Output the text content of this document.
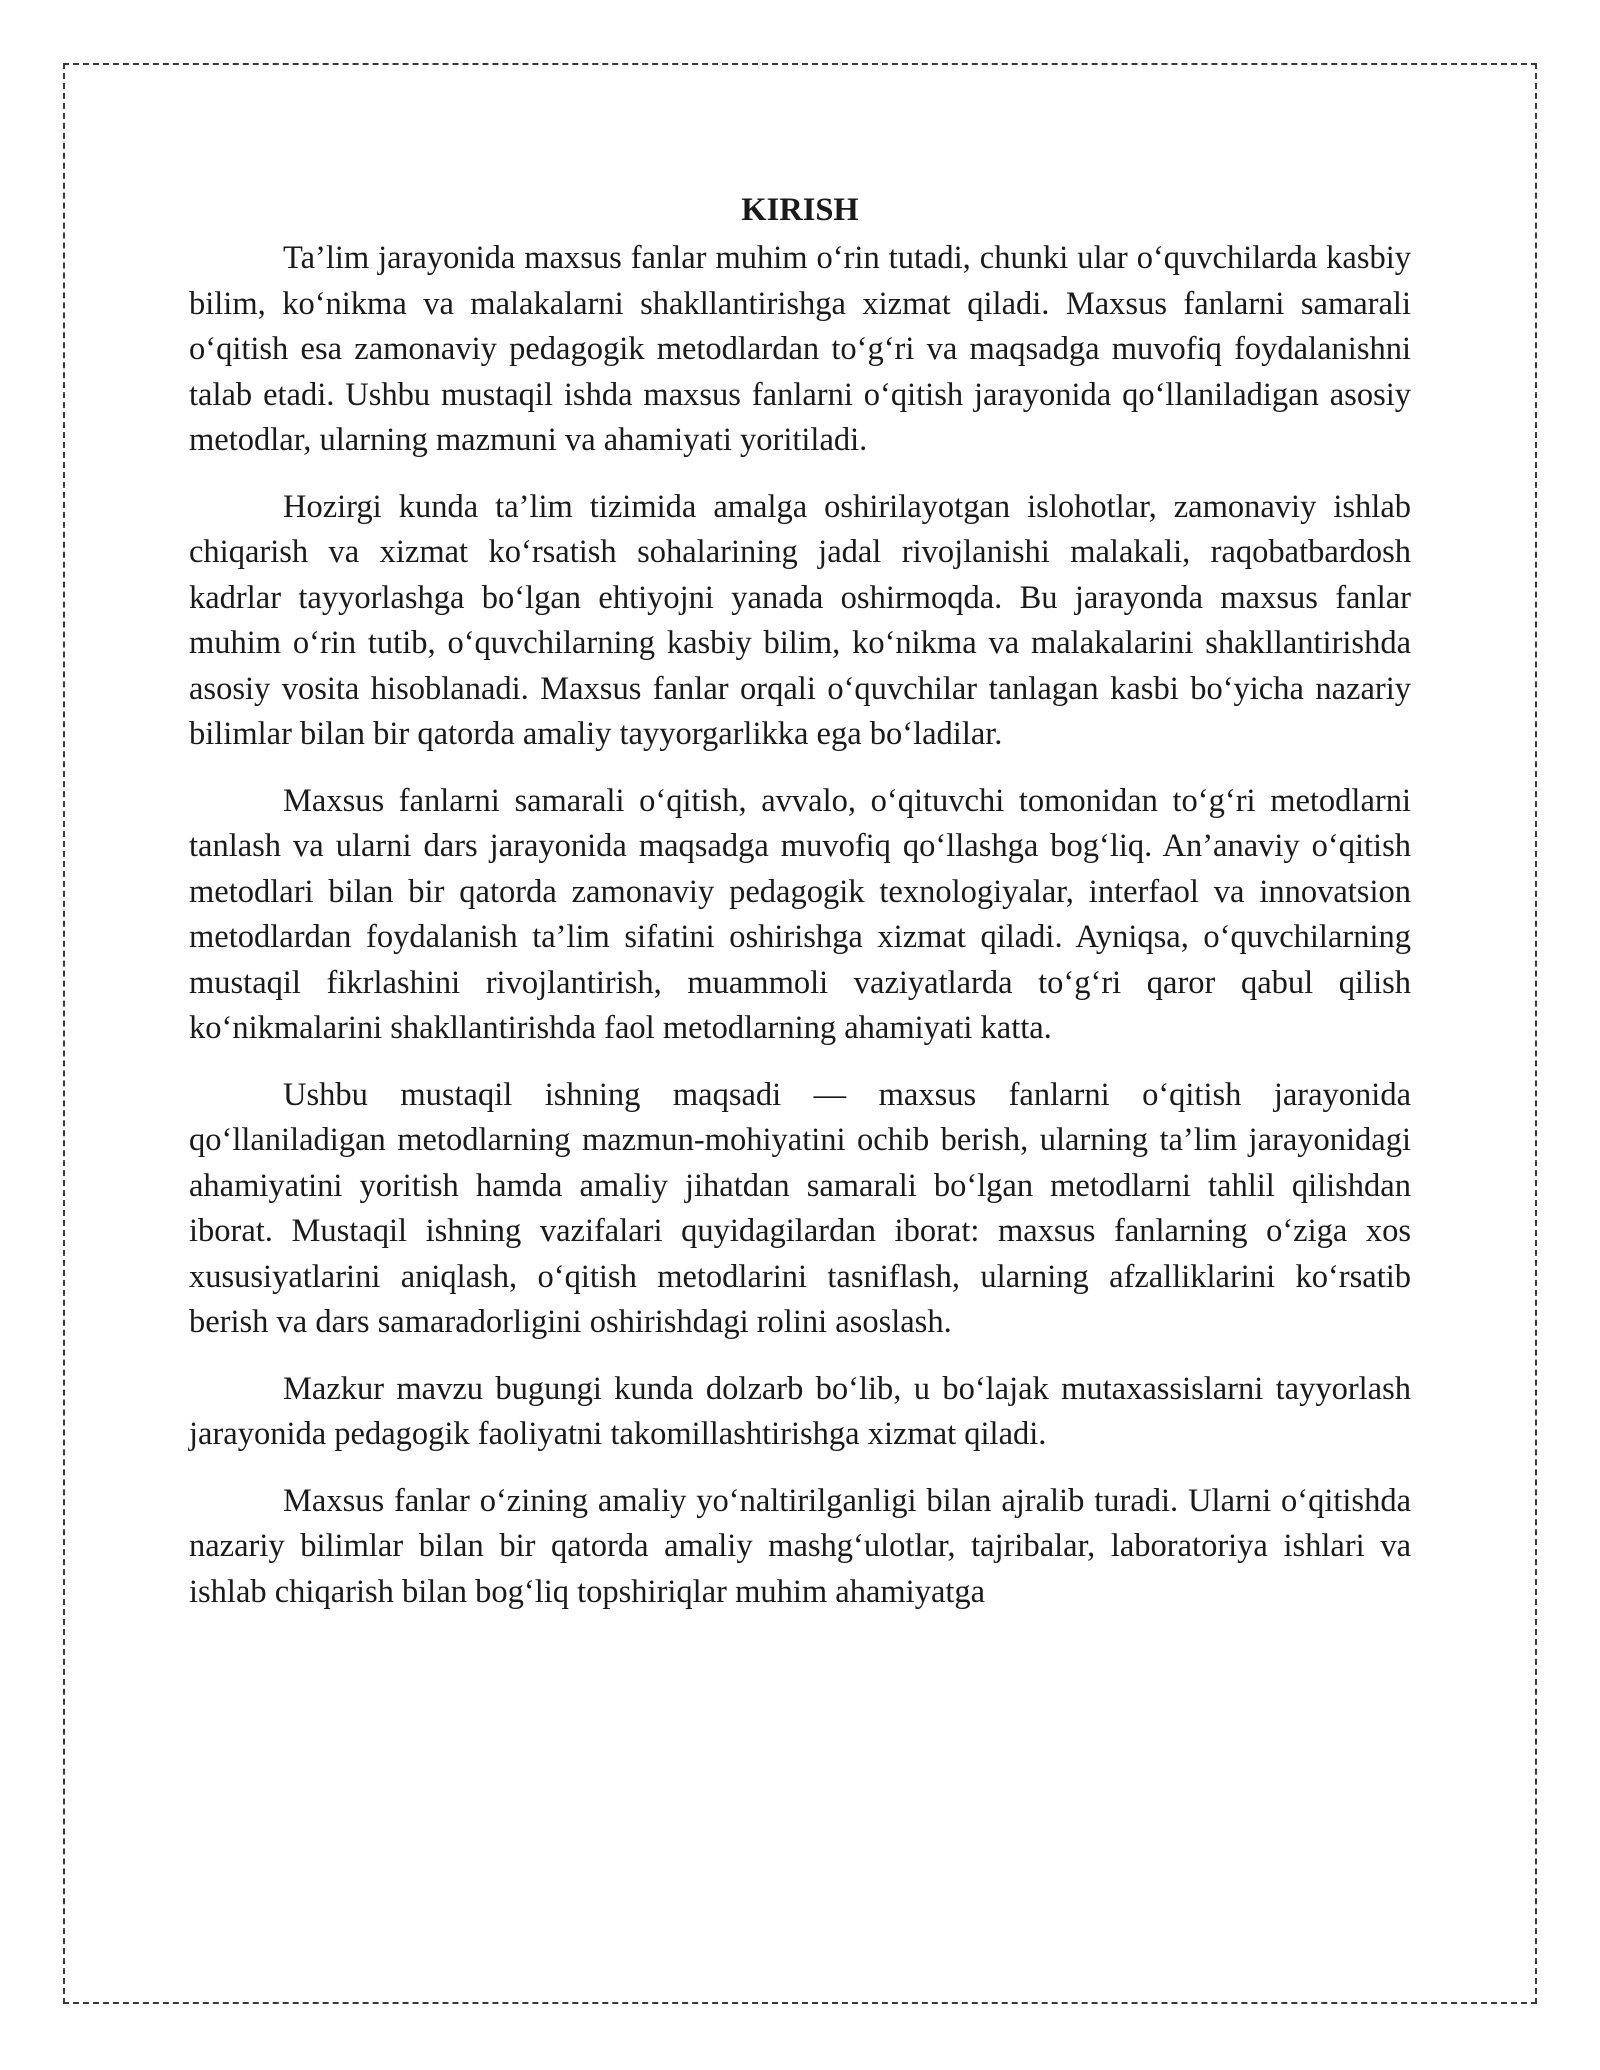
KIRISH

Ta’lim jarayonida maxsus fanlar muhim oʻrin tutadi, chunki ular oʻquvchilarda kasbiy bilim, koʻnikma va malakalarni shakllantirishga xizmat qiladi. Maxsus fanlarni samarali oʻqitish esa zamonaviy pedagogik metodlardan toʻgʻri va maqsadga muvofiq foydalanishni talab etadi. Ushbu mustaqil ishda maxsus fanlarni oʻqitish jarayonida qoʻllaniladigan asosiy metodlar, ularning mazmuni va ahamiyati yoritiladi.

Hozirgi kunda ta’lim tizimida amalga oshirilayotgan islohotlar, zamonaviy ishlab chiqarish va xizmat koʻrsatish sohalarining jadal rivojlanishi malakali, raqobatbardosh kadrlar tayyorlashga boʻlgan ehtiyojni yanada oshirmoqda. Bu jarayonda maxsus fanlar muhim oʻrin tutib, oʻquvchilarning kasbiy bilim, koʻnikma va malakalarini shakllantirishda asosiy vosita hisoblanadi. Maxsus fanlar orqali oʻquvchilar tanlagan kasbi boʻyicha nazariy bilimlar bilan bir qatorda amaliy tayyorgarlikka ega boʻladilar.

Maxsus fanlarni samarali oʻqitish, avvalo, oʻqituvchi tomonidan toʻgʻri metodlarni tanlash va ularni dars jarayonida maqsadga muvofiq qoʻllashga bogʻliq. An’anaviy oʻqitish metodlari bilan bir qatorda zamonaviy pedagogik texnologiyalar, interfaol va innovatsion metodlardan foydalanish ta’lim sifatini oshirishga xizmat qiladi. Ayniqsa, oʻquvchilarning mustaqil fikrlashini rivojlantirish, muammoli vaziyatlarda toʻgʻri qaror qabul qilish koʻnikmalarini shakllantirishda faol metodlarning ahamiyati katta.

Ushbu mustaqil ishning maqsadi — maxsus fanlarni oʻqitish jarayonida qoʻllaniladigan metodlarning mazmun-mohiyatini ochib berish, ularning ta’lim jarayonidagi ahamiyatini yoritish hamda amaliy jihatdan samarali boʻlgan metodlarni tahlil qilishdan iborat. Mustaqil ishning vazifalari quyidagilardan iborat: maxsus fanlarning oʻziga xos xususiyatlarini aniqlash, oʻqitish metodlarini tasniflash, ularning afzalliklarini koʻrsatib berish va dars samaradorligini oshirishdagi rolini asoslash.

Mazkur mavzu bugungi kunda dolzarb boʻlib, u boʻlajak mutaxassislarni tayyorlash jarayonida pedagogik faoliyatni takomillashtirishga xizmat qiladi.

Maxsus fanlar oʻzining amaliy yoʻnaltirilganligi bilan ajralib turadi. Ularni oʻqitishda nazariy bilimlar bilan bir qatorda amaliy mashgʻulotlar, tajribalar, laboratoriya ishlari va ishlab chiqarish bilan bogʻliq topshiriqlar muhim ahamiyatga
